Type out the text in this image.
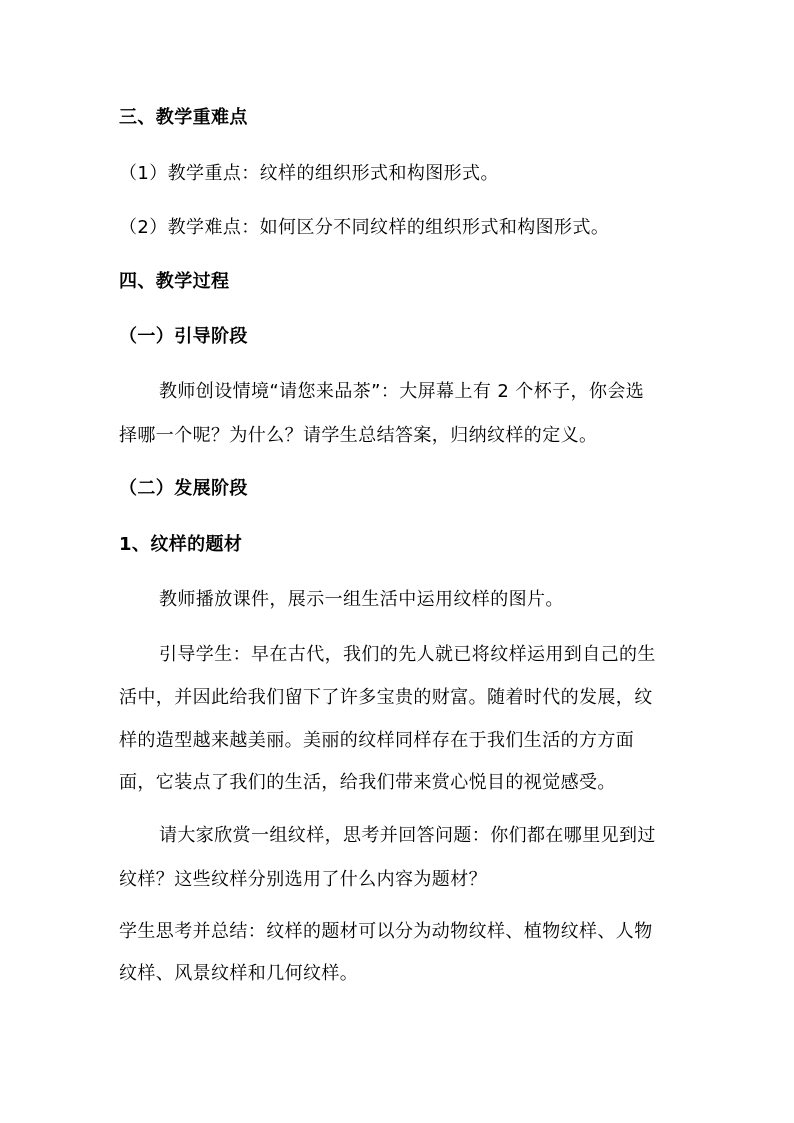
三、教学重难点
（1）教学重点：纹样的组织形式和构图形式。
（2）教学难点：如何区分不同纹样的组织形式和构图形式。
四、教学过程
（一）引导阶段
教师创设情境“请您来品茶”：大屏幕上有 2 个杯子，你会选
择哪一个呢？为什么？请学生总结答案，归纳纹样的定义。
（二）发展阶段
1、纹样的题材
教师播放课件，展示一组生活中运用纹样的图片。
引导学生：早在古代，我们的先人就已将纹样运用到自己的生
活中，并因此给我们留下了许多宝贵的财富。随着时代的发展，纹
样的造型越来越美丽。美丽的纹样同样存在于我们生活的方方面
面，它装点了我们的生活，给我们带来赏心悦目的视觉感受。
请大家欣赏一组纹样，思考并回答问题：你们都在哪里见到过
纹样？这些纹样分别选用了什么内容为题材？
学生思考并总结：纹样的题材可以分为动物纹样、植物纹样、人物
纹样、风景纹样和几何纹样。
